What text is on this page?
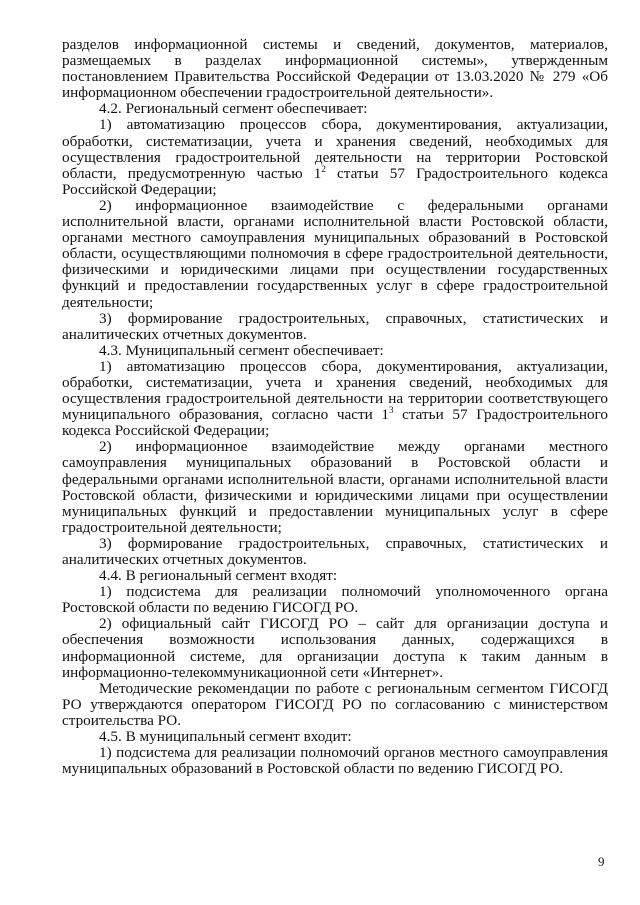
разделов информационной системы и сведений, документов, материалов, размещаемых в разделах информационной системы», утвержденным постановлением Правительства Российской Федерации от 13.03.2020 № 279 «Об информационном обеспечении градостроительной деятельности».

4.2. Региональный сегмент обеспечивает:

1) автоматизацию процессов сбора, документирования, актуализации, обработки, систематизации, учета и хранения сведений, необходимых для осуществления градостроительной деятельности на территории Ростовской области, предусмотренную частью $1^2$ статьи 57 Градостроительного кодекса Российской Федерации;

2) информационное взаимодействие с федеральными органами исполнительной власти, органами исполнительной власти Ростовской области, органами местного самоуправления муниципальных образований в Ростовской области, осуществляющими полномочия в сфере градостроительной деятельности, физическими и юридическими лицами при осуществлении государственных функций и предоставлении государственных услуг в сфере градостроительной деятельности;

3) формирование градостроительных, справочных, статистических и аналитических отчетных документов.

4.3. Муниципальный сегмент обеспечивает:

1) автоматизацию процессов сбора, документирования, актуализации, обработки, систематизации, учета и хранения сведений, необходимых для осуществления градостроительной деятельности на территории соответствующего муниципального образования, согласно части $1^3$ статьи 57 Градостроительного кодекса Российской Федерации;

2) информационное взаимодействие между органами местного самоуправления муниципальных образований в Ростовской области и федеральными органами исполнительной власти, органами исполнительной власти Ростовской области, физическими и юридическими лицами при осуществлении муниципальных функций и предоставлении муниципальных услуг в сфере градостроительной деятельности;

3) формирование градостроительных, справочных, статистических и аналитических отчетных документов.

4.4. В региональный сегмент входят:

1) подсистема для реализации полномочий уполномоченного органа Ростовской области по ведению ГИСОГД РО.

2) официальный сайт ГИСОГД РО – сайт для организации доступа и обеспечения возможности использования данных, содержащихся в информационной системе, для организации доступа к таким данным в информационно-телекоммуникационной сети «Интернет».

Методические рекомендации по работе с региональным сегментом ГИСОГД РО утверждаются оператором ГИСОГД РО по согласованию с министерством строительства РО.

4.5. В муниципальный сегмент входит:

1) подсистема для реализации полномочий органов местного самоуправления муниципальных образований в Ростовской области по ведению ГИСОГД РО.

9
